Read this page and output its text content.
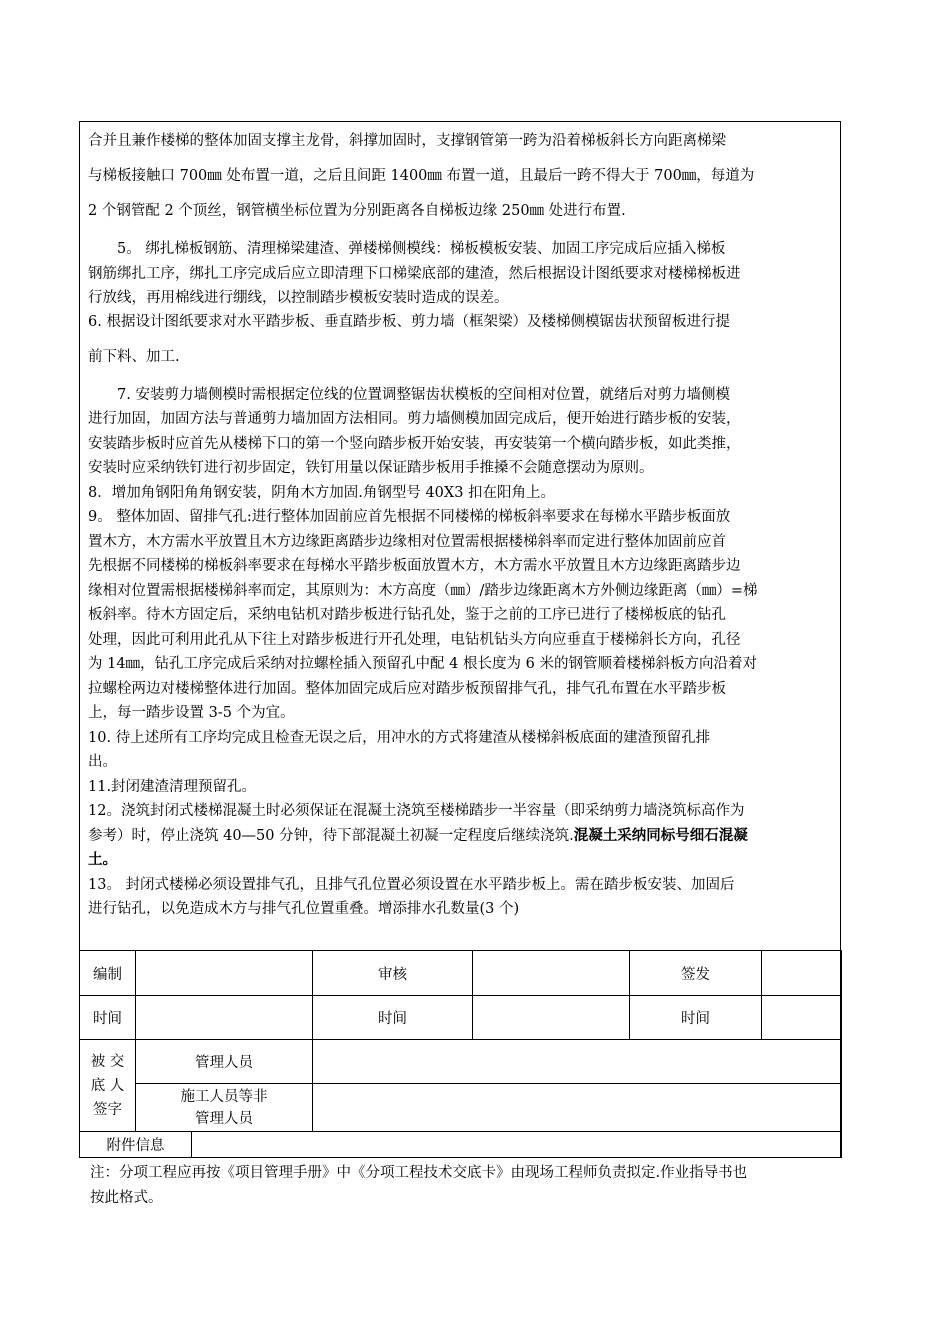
合并且兼作楼梯的整体加固支撑主龙骨，斜撑加固时，支撑钢管第一跨为沿着梯板斜长方向距离梯梁

与梯板接触口 700㎜ 处布置一道，之后且间距 1400㎜ 布置一道，且最后一跨不得大于 700㎜，每道为

2 个钢管配 2 个顶丝，钢管横坐标位置为分别距离各自梯板边缘 250㎜ 处进行布置.

5。 绑扎梯板钢筋、清理梯梁建渣、弹楼梯侧模线：梯板模板安装、加固工序完成后应插入梯板

钢筋绑扎工序，绑扎工序完成后应立即清理下口梯梁底部的建渣，然后根据设计图纸要求对楼梯梯板进

行放线，再用棉线进行绷线，以控制踏步模板安装时造成的误差。

6. 根据设计图纸要求对水平踏步板、垂直踏步板、剪力墙（框架梁）及楼梯侧模锯齿状预留板进行提

前下料、加工.

7. 安装剪力墙侧模时需根据定位线的位置调整锯齿状模板的空间相对位置，就绪后对剪力墙侧模

进行加固，加固方法与普通剪力墙加固方法相同。剪力墙侧模加固完成后，便开始进行踏步板的安装，

安装踏步板时应首先从楼梯下口的第一个竖向踏步板开始安装，再安装第一个横向踏步板，如此类推，

安装时应采纳铁钉进行初步固定，铁钉用量以保证踏步板用手推搡不会随意摆动为原则。

8．增加角钢阳角角钢安装，阴角木方加固.角钢型号 40X3 扣在阳角上。

9。 整体加固、留排气孔:进行整体加固前应首先根据不同楼梯的梯板斜率要求在每梯水平踏步板面放

置木方，木方需水平放置且木方边缘距离踏步边缘相对位置需根据楼梯斜率而定进行整体加固前应首

先根据不同楼梯的梯板斜率要求在每梯水平踏步板面放置木方，木方需水平放置且木方边缘距离踏步边

缘相对位置需根据楼梯斜率而定，其原则为：木方高度（㎜）/踏步边缘距离木方外侧边缘距离（㎜）=梯

板斜率。待木方固定后，采纳电钻机对踏步板进行钻孔处，鉴于之前的工序已进行了楼梯板底的钻孔

处理，因此可利用此孔从下往上对踏步板进行开孔处理，电钻机钻头方向应垂直于楼梯斜长方向，孔径

为 14㎜，钻孔工序完成后采纳对拉螺栓插入预留孔中配 4 根长度为 6 米的钢管顺着楼梯斜板方向沿着对

拉螺栓两边对楼梯整体进行加固。整体加固完成后应对踏步板预留排气孔，排气孔布置在水平踏步板

上，每一踏步设置 3-5 个为宜。

10. 待上述所有工序均完成且检查无误之后，用冲水的方式将建渣从楼梯斜板底面的建渣预留孔排

出。

11.封闭建渣清理预留孔。

12。浇筑封闭式楼梯混凝土时必须保证在混凝土浇筑至楼梯踏步一半容量（即采纳剪力墙浇筑标高作为

参考）时，停止浇筑 40—50 分钟，待下部混凝土初凝一定程度后继续浇筑.混凝土采纳同标号细石混凝

土。

13。 封闭式楼梯必须设置排气孔，且排气孔位置必须设置在水平踏步板上。需在踏步板安装、加固后

进行钻孔，以免造成木方与排气孔位置重叠。增添排水孔数量(3 个)

编制			审核		签发	
时间			时间		时间	

被 交
底 人
签字	管理人员					

	施工人员等非
管理人员					

附件信息						
注：分项工程应再按《项目管理手册》中《分项工程技术交底卡》由现场工程师负责拟定.作业指导书也
按此格式。
